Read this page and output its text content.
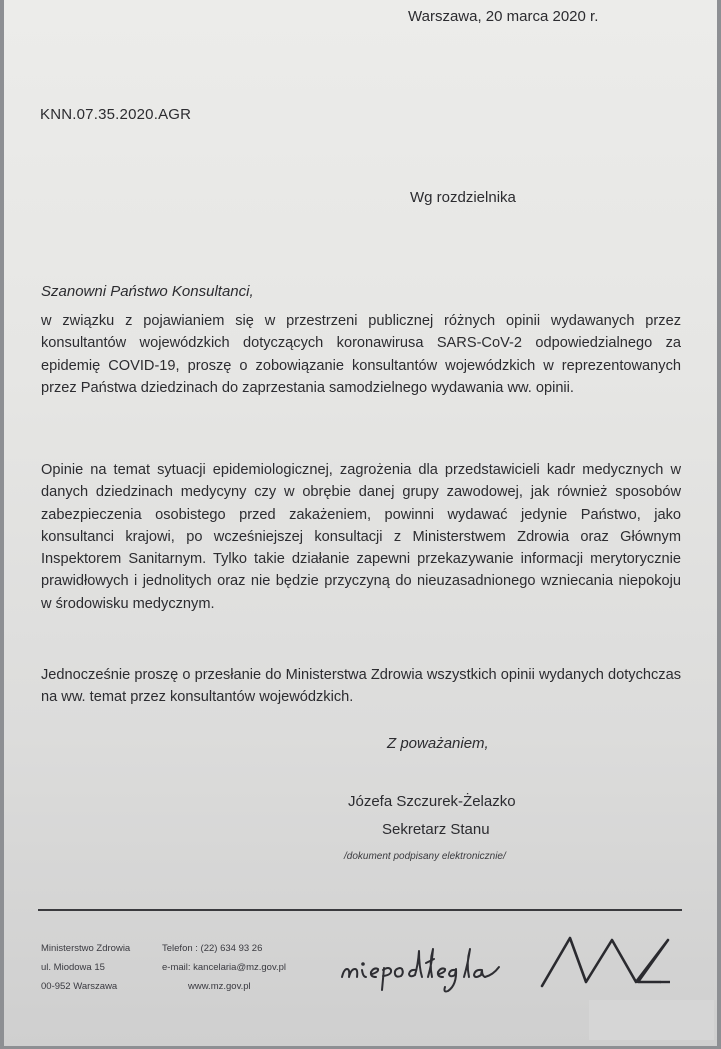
Warszawa, 20 marca 2020 r.
KNN.07.35.2020.AGR
Wg rozdzielnika
Szanowni Państwo Konsultanci,

w związku z pojawianiem się w przestrzeni publicznej różnych opinii wydawanych przez konsultantów wojewódzkich dotyczących koronawirusa SARS-CoV-2 odpowiedzialnego za epidemię COVID-19, proszę o zobowiązanie konsultantów wojewódzkich w reprezentowanych przez Państwa dziedzinach do zaprzestania samodzielnego wydawania ww. opinii.

Opinie na temat sytuacji epidemiologicznej, zagrożenia dla przedstawicieli kadr medycznych w danych dziedzinach medycyny czy w obrębie danej grupy zawodowej, jak również sposobów zabezpieczenia osobistego przed zakażeniem, powinni wydawać jedynie Państwo, jako konsultanci krajowi, po wcześniejszej konsultacji z Ministerstwem Zdrowia oraz Głównym Inspektorem Sanitarnym. Tylko takie działanie zapewni przekazywanie informacji merytorycznie prawidłowych i jednolitych oraz nie będzie przyczyną do nieuzasadnionego wzniecania niepokoju w środowisku medycznym.

Jednocześnie proszę o przesłanie do Ministerstwa Zdrowia wszystkich opinii wydanych dotychczas na ww. temat przez konsultantów wojewódzkich.

Z poważaniem,
Józefa Szczurek-Żelazko
Sekretarz Stanu
/dokument podpisany elektronicznie/
Ministerstwo Zdrowia
ul. Miodowa 15
00-952 Warszawa
Telefon : (22) 634 93 26
e-mail: kancelaria@mz.gov.pl
www.mz.gov.pl
